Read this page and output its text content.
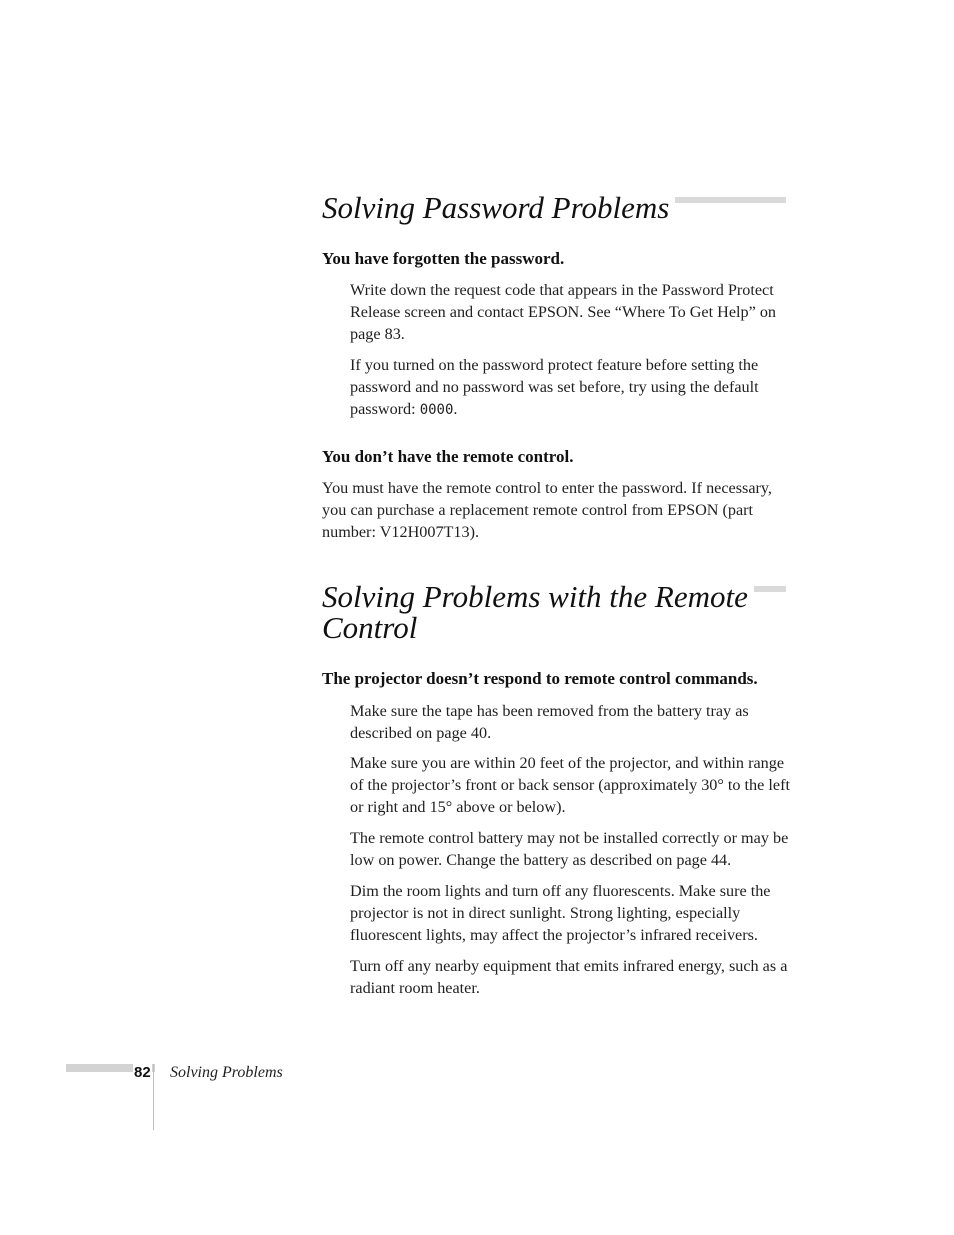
Solving Password Problems
You have forgotten the password.

Write down the request code that appears in the Password Protect Release screen and contact EPSON. See “Where To Get Help” on page 83.

If you turned on the password protect feature before setting the password and no password was set before, try using the default password: 0000.

You don’t have the remote control.

You must have the remote control to enter the password. If necessary, you can purchase a replacement remote control from EPSON (part number: V12H007T13).

Solving Problems with the Remote
Control
The projector doesn’t respond to remote control commands.

Make sure the tape has been removed from the battery tray as described on page 40.

Make sure you are within 20 feet of the projector, and within range of the projector’s front or back sensor (approximately 30° to the left or right and 15° above or below).

The remote control battery may not be installed correctly or may be low on power. Change the battery as described on page 44.

Dim the room lights and turn off any fluorescents. Make sure the projector is not in direct sunlight. Strong lighting, especially fluorescent lights, may affect the projector’s infrared receivers.

Turn off any nearby equipment that emits infrared energy, such as a radiant room heater.

82 Solving Problems
